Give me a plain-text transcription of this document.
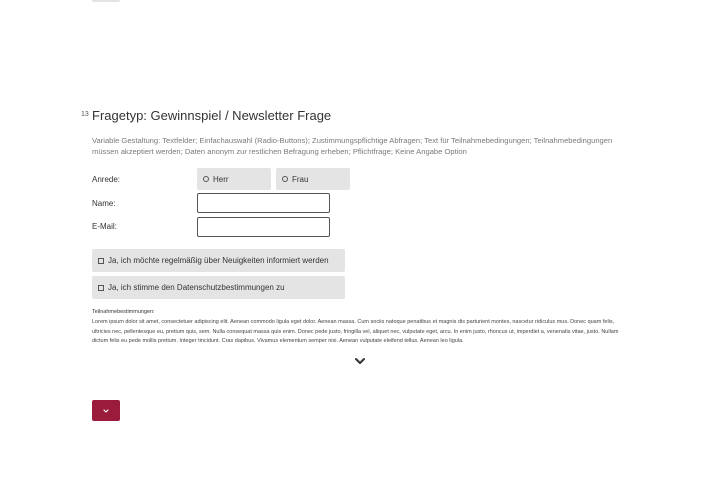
13 Fragetyp: Gewinnspiel / Newsletter Frage
Variable Gestaltung: Textfelder; Einfachauswahl (Radio-Buttons); Zustimmungspflichtige Abfragen; Text für Teilnahmebedingungen; Teilnahmebedingungen müssen akzeptiert werden; Daten anonym zur restlichen Befragung erheben; Pflichtfrage; Keine Angabe Option
Anrede:	Herr	Frau
Name:
E-Mail:
Ja, ich möchte regelmäßig über Neuigkeiten informiert werden
Ja, ich stimme den Datenschutzbestimmungen zu
Teilnahmebestimmungen:
Lorem ipsum dolor sit amet, consectetuer adipiscing elit. Aenean commodo ligula eget dolor. Aenean massa. Cum sociis natoque penatibus et magnis dis parturient montes, nascetur ridiculus mus. Donec quam felis, ultricies nec, pellentesque eu, pretium quis, sem. Nulla consequat massa quis enim. Donec pede justo, fringilla vel, aliquet nec, vulputate eget, arcu. In enim justo, rhoncus ut, imperdiet a, venenatis vitae, justo. Nullam dictum felis eu pede mollis pretium. Integer tincidunt. Cras dapibus. Vivamus elementum semper nisi. Aenean vulputate eleifend tellus. Aenean leo ligula.
